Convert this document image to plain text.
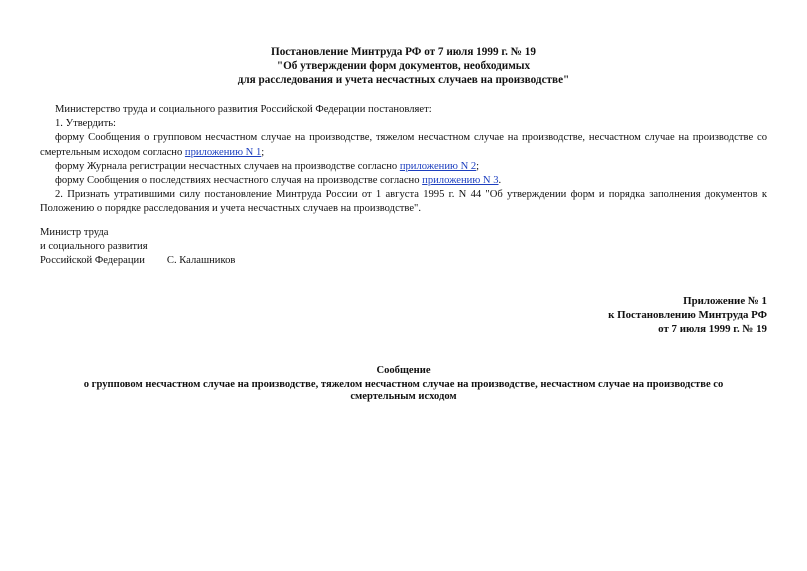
Постановление Минтруда РФ от 7 июля 1999 г. № 19
"Об утверждении форм документов, необходимых
для расследования и учета несчастных случаев на производстве"

Министерство труда и социального развития Российской Федерации постановляет:

1. Утвердить:

форму Сообщения о групповом несчастном случае на производстве, тяжелом несчастном случае на производстве, несчастном случае на производстве со смертельным исходом согласно приложению N 1;

форму Журнала регистрации несчастных случаев на производстве согласно приложению N 2;

форму Сообщения о последствиях несчастного случая на производстве согласно приложению N 3.

2. Признать утратившими силу постановление Минтруда России от 1 августа 1995 г. N 44 "Об утверждении форм и порядка заполнения документов к Положению о порядке расследования и учета несчастных случаев на производстве".

Министр труда
и социального развития
Российской Федерации С. Калашников
Приложение № 1
к Постановлению Минтруда РФ
от 7 июля 1999 г. № 19
Сообщение
о групповом несчастном случае на производстве, тяжелом несчастном случае на производстве, несчастном случае на производстве со смертельным исходом
